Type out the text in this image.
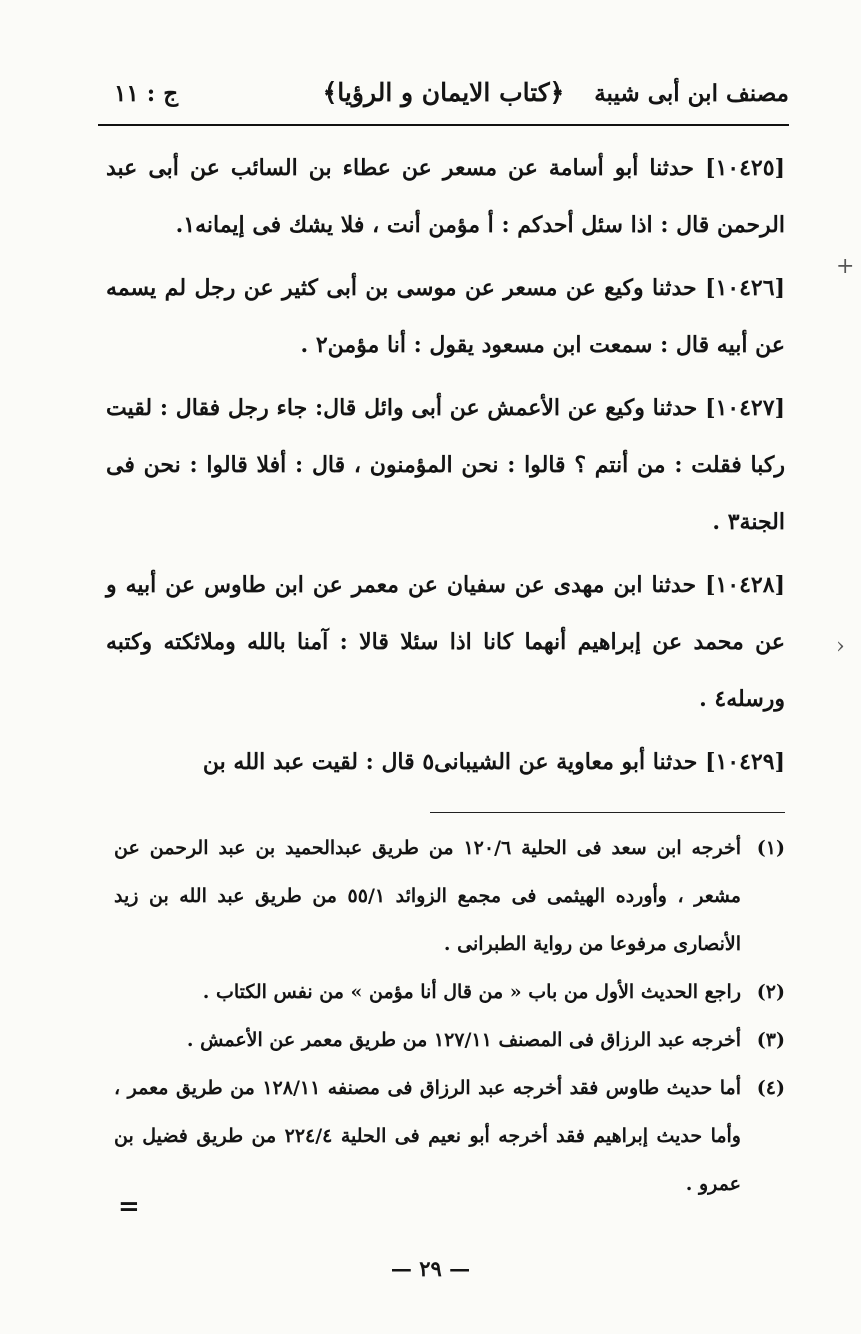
مصنف ابن أبى شيبة
﴿كتاب الايمان و الرؤيا﴾
ج : ١١

[١٠٤٢٥] حدثنا أبو أسامة عن مسعر عن عطاء بن السائب عن أبى عبد الرحمن قال : اذا سئل أحدكم : أ مؤمن أنت ، فلا يشك فى إيمانه١.

[١٠٤٢٦] حدثنا وكيع عن مسعر عن موسى بن أبى كثير عن رجل لم يسمه عن أبيه قال : سمعت ابن مسعود يقول : أنا مؤمن٢ .

[١٠٤٢٧] حدثنا وكيع عن الأعمش عن أبى وائل قال: جاء رجل فقال : لقيت ركبا فقلت : من أنتم ؟ قالوا : نحن المؤمنون ، قال : أفلا قالوا : نحن فى الجنة٣ .

[١٠٤٢٨] حدثنا ابن مهدى عن سفيان عن معمر عن ابن طاوس عن أبيه و عن محمد عن إبراهيم أنهما كانا اذا سئلا قالا : آمنا بالله وملائكته وكتبه ورسله٤ .

[١٠٤٢٩] حدثنا أبو معاوية عن الشيبانى٥ قال : لقيت عبد الله بن

(١)
أخرجه ابن سعد فى الحلية ١٢٠/٦ من طريق عبدالحميد بن عبد الرحمن عن مشعر ، وأورده الهيثمى فى مجمع الزوائد ٥٥/١ من طريق عبد الله بن زيد الأنصارى مرفوعا من رواية الطبرانى .
(٢)
راجع الحديث الأول من باب « من قال أنا مؤمن » من نفس الكتاب .
(٣)
أخرجه عبد الرزاق فى المصنف ١٢٧/١١ من طريق معمر عن الأعمش .
(٤)
أما حديث طاوس فقد أخرجه عبد الرزاق فى مصنفه ١٢٨/١١ من طريق معمر ، وأما حديث إبراهيم فقد أخرجه أبو نعيم فى الحلية ٢٢٤/٤ من طريق فضيل بن عمرو .
=
— ٢٩ —
+
›
